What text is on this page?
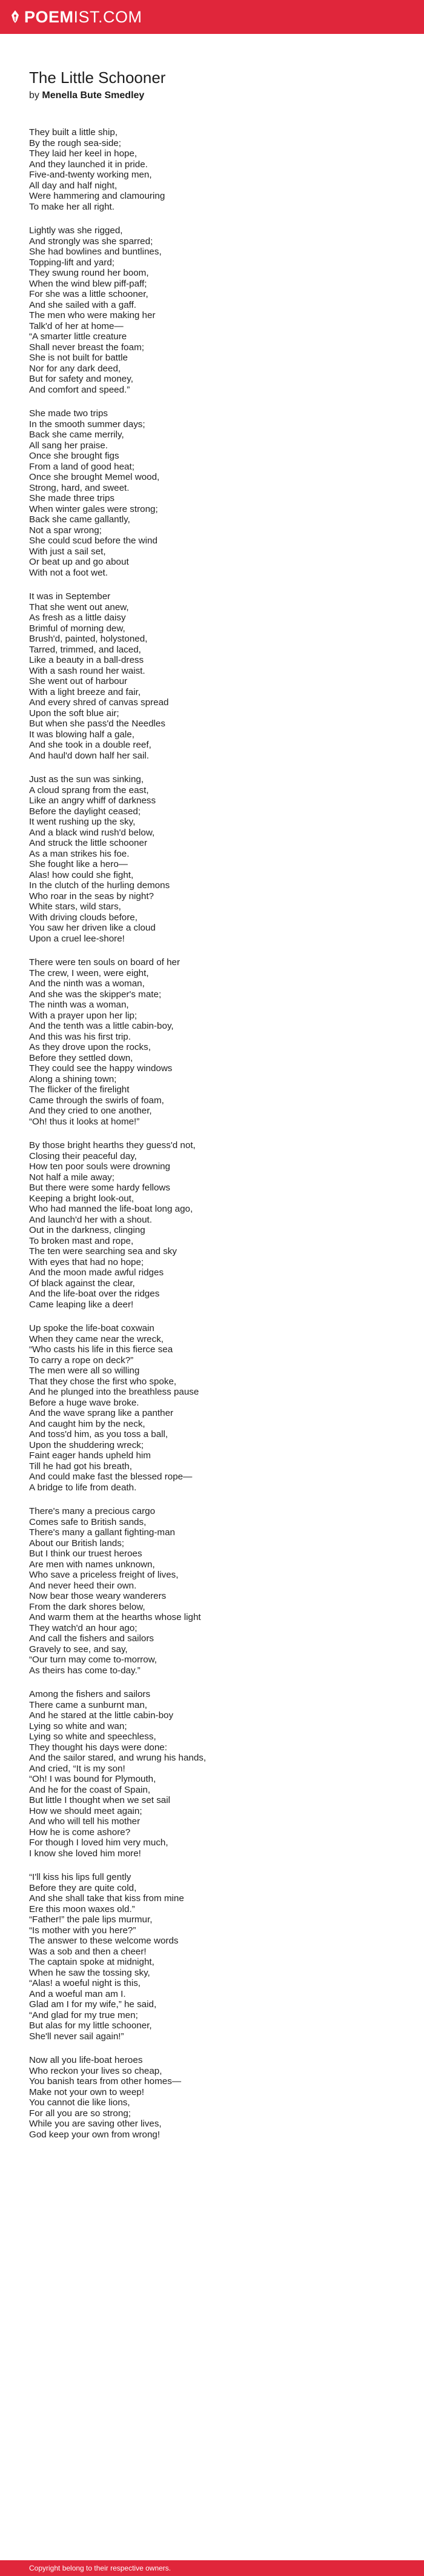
POEMIST.COM
The Little Schooner
by Menella Bute Smedley
They built a little ship,
By the rough sea-side;
They laid her keel in hope,
And they launched it in pride.
Five-and-twenty working men,
All day and half night,
Were hammering and clamouring
To make her all right.
Lightly was she rigged,
And strongly was she sparred;
She had bowlines and buntlines,
Topping-lift and yard;
They swung round her boom,
When the wind blew piff-paff;
For she was a little schooner,
And she sailed with a gaff.
The men who were making her
Talk'd of her at home—
“A smarter little creature
Shall never breast the foam;
She is not built for battle
Nor for any dark deed,
But for safety and money,
And comfort and speed.”
She made two trips
In the smooth summer days;
Back she came merrily,
All sang her praise.
Once she brought figs
From a land of good heat;
Once she brought Memel wood,
Strong, hard, and sweet.
She made three trips
When winter gales were strong;
Back she came gallantly,
Not a spar wrong;
She could scud before the wind
With just a sail set,
Or beat up and go about
With not a foot wet.
It was in September
That she went out anew,
As fresh as a little daisy
Brimful of morning dew,
Brush'd, painted, holystoned,
Tarred, trimmed, and laced,
Like a beauty in a ball-dress
With a sash round her waist.
She went out of harbour
With a light breeze and fair,
And every shred of canvas spread
Upon the soft blue air;
But when she pass'd the Needles
It was blowing half a gale,
And she took in a double reef,
And haul'd down half her sail.
Just as the sun was sinking,
A cloud sprang from the east,
Like an angry whiff of darkness
Before the daylight ceased;
It went rushing up the sky,
And a black wind rush'd below,
And struck the little schooner
As a man strikes his foe.
She fought like a hero—
Alas! how could she fight,
In the clutch of the hurling demons
Who roar in the seas by night?
White stars, wild stars,
With driving clouds before,
You saw her driven like a cloud
Upon a cruel lee-shore!
There were ten souls on board of her
The crew, I ween, were eight,
And the ninth was a woman,
And she was the skipper's mate;
The ninth was a woman,
With a prayer upon her lip;
And the tenth was a little cabin-boy,
And this was his first trip.
As they drove upon the rocks,
Before they settled down,
They could see the happy windows
Along a shining town;
The flicker of the firelight
Came through the swirls of foam,
And they cried to one another,
“Oh! thus it looks at home!”
By those bright hearths they guess'd not,
Closing their peaceful day,
How ten poor souls were drowning
Not half a mile away;
But there were some hardy fellows
Keeping a bright look-out,
Who had manned the life-boat long ago,
And launch'd her with a shout.
Out in the darkness, clinging
To broken mast and rope,
The ten were searching sea and sky
With eyes that had no hope;
And the moon made awful ridges
Of black against the clear,
And the life-boat over the ridges
Came leaping like a deer!
Up spoke the life-boat coxwain
When they came near the wreck,
“Who casts his life in this fierce sea
To carry a rope on deck?”
The men were all so willing
That they chose the first who spoke,
And he plunged into the breathless pause
Before a huge wave broke.
And the wave sprang like a panther
And caught him by the neck,
And toss'd him, as you toss a ball,
Upon the shuddering wreck;
Faint eager hands upheld him
Till he had got his breath,
And could make fast the blessed rope—
A bridge to life from death.
There's many a precious cargo
Comes safe to British sands,
There's many a gallant fighting-man
About our British lands;
But I think our truest heroes
Are men with names unknown,
Who save a priceless freight of lives,
And never heed their own.
Now bear those weary wanderers
From the dark shores below,
And warm them at the hearths whose light
They watch'd an hour ago;
And call the fishers and sailors
Gravely to see, and say,
“Our turn may come to-morrow,
As theirs has come to-day.”
Among the fishers and sailors
There came a sunburnt man,
And he stared at the little cabin-boy
Lying so white and wan;
Lying so white and speechless,
They thought his days were done:
And the sailor stared, and wrung his hands,
And cried, “It is my son!
“Oh! I was bound for Plymouth,
And he for the coast of Spain,
But little I thought when we set sail
How we should meet again;
And who will tell his mother
How he is come ashore?
For though I loved him very much,
I know she loved him more!
“I'll kiss his lips full gently
Before they are quite cold,
And she shall take that kiss from mine
Ere this moon waxes old.”
“Father!” the pale lips murmur,
“Is mother with you here?”
The answer to these welcome words
Was a sob and then a cheer!
The captain spoke at midnight,
When he saw the tossing sky,
“Alas! a woeful night is this,
And a woeful man am I.
Glad am I for my wife,” he said,
“And glad for my true men;
But alas for my little schooner,
She'll never sail again!”
Now all you life-boat heroes
Who reckon your lives so cheap,
You banish tears from other homes—
Make not your own to weep!
You cannot die like lions,
For all you are so strong;
While you are saving other lives,
God keep your own from wrong!
Copyright belong to their respective owners.
